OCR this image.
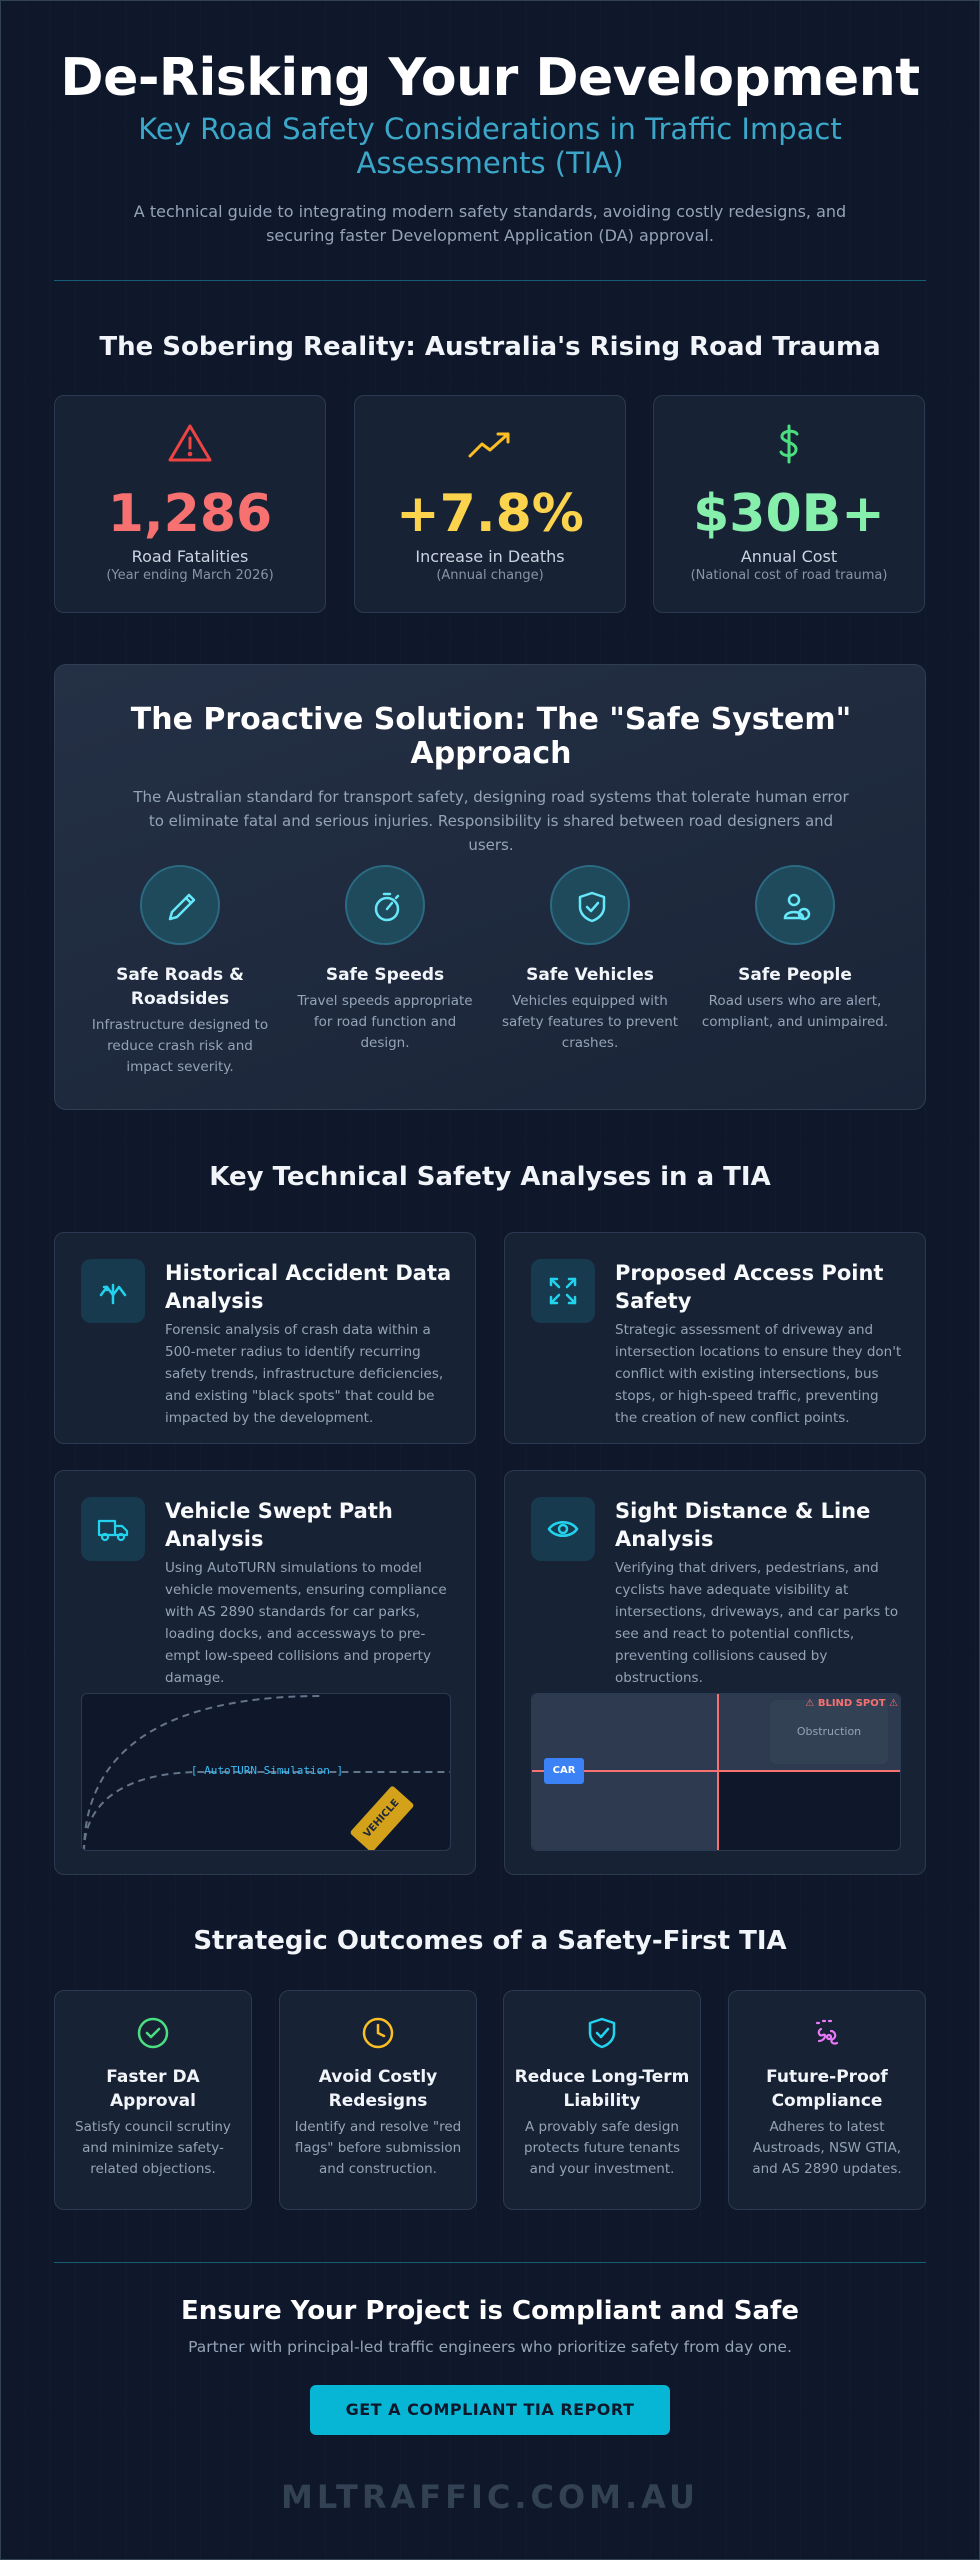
De-Risking Your Development
Key Road Safety Considerations in Traffic Impact Assessments (TIA)

A technical guide to integrating modern safety standards, avoiding costly redesigns, and securing faster Development Application (DA) approval.

The Sobering Reality: Australia's Rising Road Trauma
1,286
Road Fatalities
(Year ending March 2026)
+7.8%
Increase in Deaths
(Annual change)
$30B+
Annual Cost
(National cost of road trauma)
The Proactive Solution: The "Safe System" Approach

The Australian standard for transport safety, designing road systems that tolerate human error to eliminate fatal and serious injuries. Responsibility is shared between road designers and users.

Safe Roads & Roadsides
Infrastructure designed to reduce crash risk and impact severity.
Safe Speeds
Travel speeds appropriate for road function and design.
Safe Vehicles
Vehicles equipped with safety features to prevent crashes.
Safe People
Road users who are alert, compliant, and unimpaired.
Key Technical Safety Analyses in a TIA
Historical Accident Data Analysis
Forensic analysis of crash data within a 500-meter radius to identify recurring safety trends, infrastructure deficiencies, and existing "black spots" that could be impacted by the development.
Proposed Access Point Safety
Strategic assessment of driveway and intersection locations to ensure they don't conflict with existing intersections, bus stops, or high-speed traffic, preventing the creation of new conflict points.
Vehicle Swept Path Analysis
Using AutoTURN simulations to model vehicle movements, ensuring compliance with AS 2890 standards for car parks, loading docks, and accessways to pre-empt low-speed collisions and property damage.
[ AutoTURN Simulation ]
VEHICLE
Sight Distance & Line Analysis
Verifying that drivers, pedestrians, and cyclists have adequate visibility at intersections, driveways, and car parks to see and react to potential conflicts, preventing collisions caused by obstructions.
Obstruction
⚠ BLIND SPOT ⚠
CAR
Strategic Outcomes of a Safety-First TIA
Faster DA Approval
Satisfy council scrutiny and minimize safety-related objections.
Avoid Costly Redesigns
Identify and resolve "red flags" before submission and construction.
Reduce Long-Term Liability
A provably safe design protects future tenants and your investment.
Future-Proof Compliance
Adheres to latest Austroads, NSW GTIA, and AS 2890 updates.
Ensure Your Project is Compliant and Safe

Partner with principal-led traffic engineers who prioritize safety from day one.

GET A COMPLIANT TIA REPORT
MLTRAFFIC.COM.AU
